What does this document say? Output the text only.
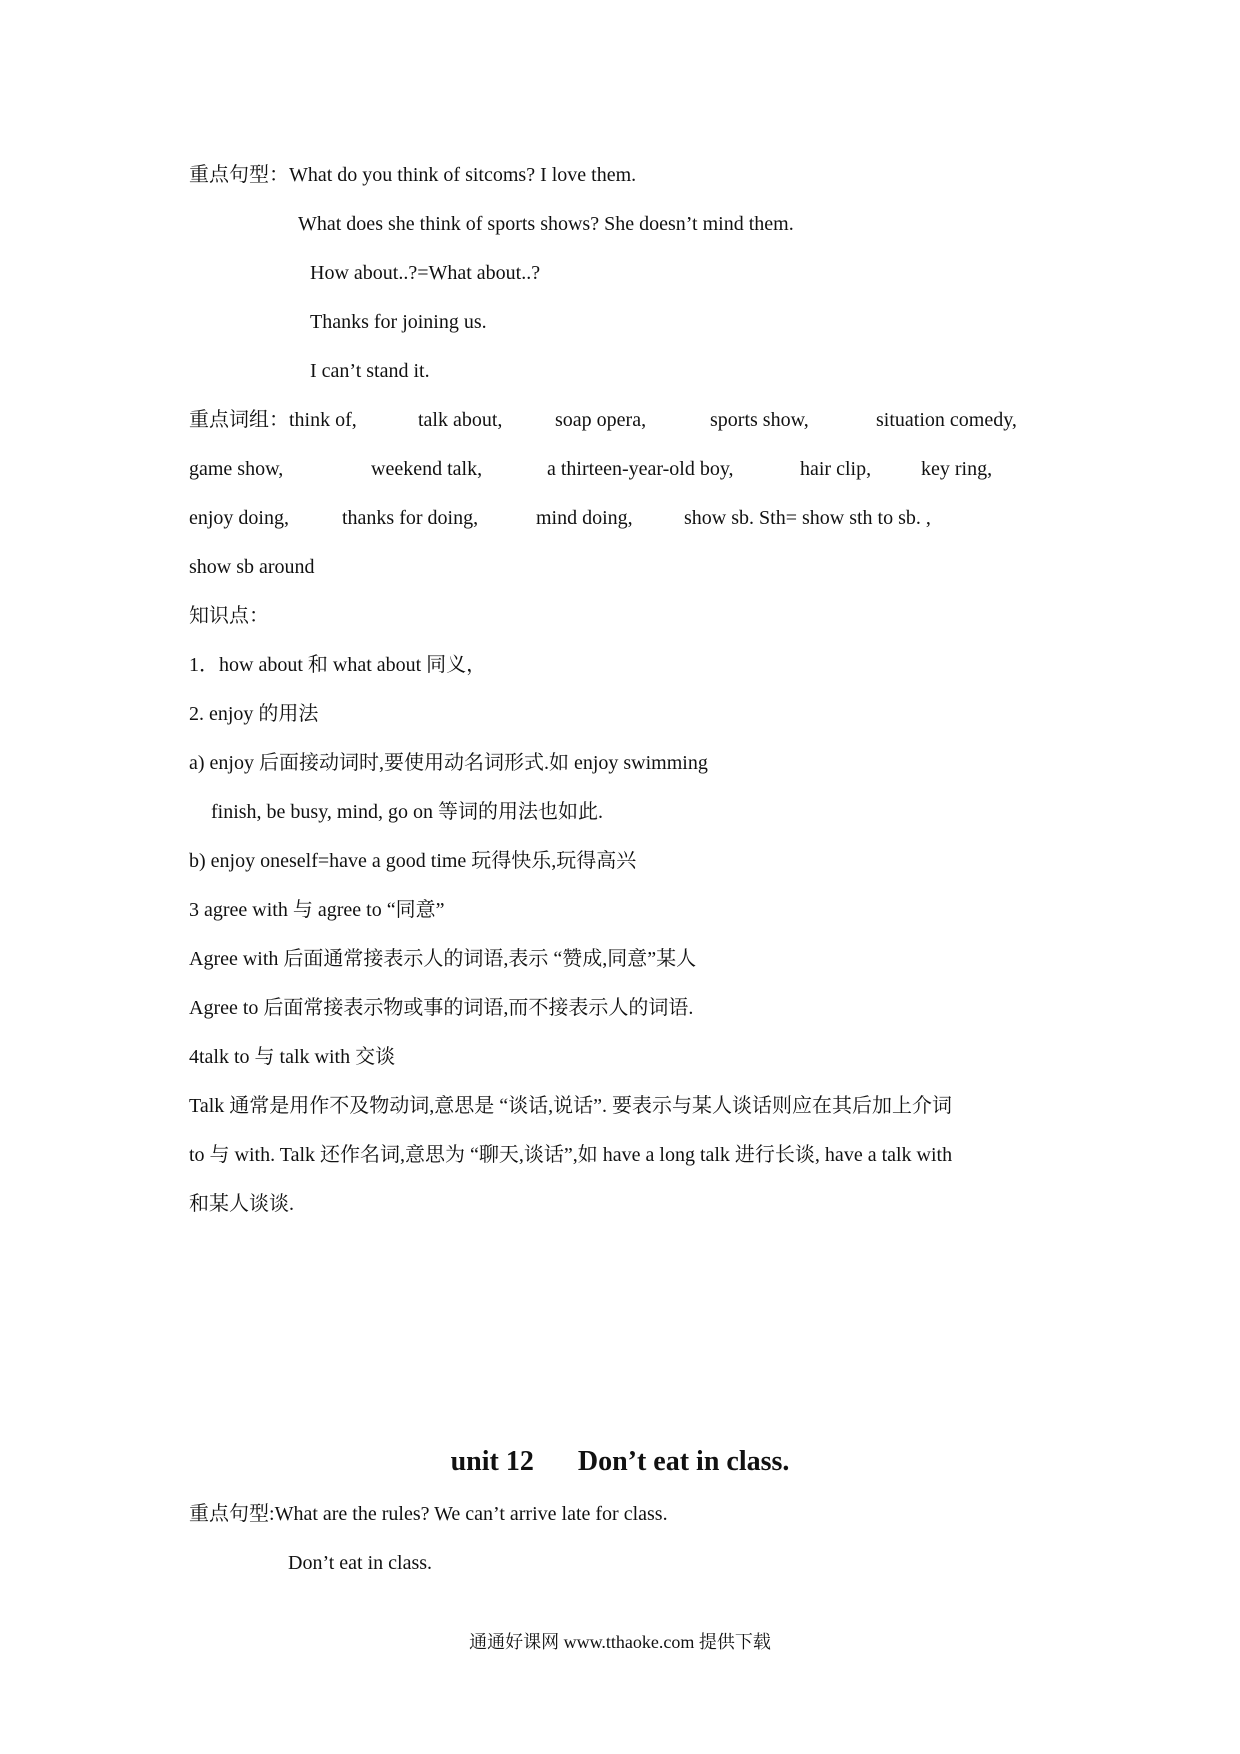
重点句型：What do you think of sitcoms? I love them.
What does she think of sports shows? She doesn’t mind them.
How about..?=What about..?
Thanks for joining us.
I can’t stand it.
重点词组：think of,	talk about,	soap opera,	sports show,	situation comedy,
game show,	weekend talk,	a thirteen-year-old boy,	hair clip, key ring,
enjoy doing,	thanks for doing,	mind doing,	show sb. Sth= show sth to sb. ,
show sb around
知识点：
1．how about 和 what about 同义，
2. enjoy 的用法
a) enjoy 后面接动词时,要使用动名词形式.如 enjoy swimming
finish, be busy, mind, go on 等词的用法也如此.
b) enjoy oneself=have a good time 玩得快乐,玩得高兴
3 agree with 与 agree to “同意”
Agree with 后面通常接表示人的词语,表示 “赞成,同意”某人
Agree to 后面常接表示物或事的词语,而不接表示人的词语.
4talk to 与 talk with 交谈
Talk 通常是用作不及物动词,意思是 “谈话,说话”. 要表示与某人谈话则应在其后加上介词
to 与 with. Talk 还作名词,意思为 “聊天,谈话”,如 have a long talk 进行长谈, have a talk with
和某人谈谈.
unit 12 Don’t eat in class.
重点句型:What are the rules? We can’t arrive late for class.
Don’t eat in class.
通通好课网 www.tthaoke.com 提供下载
